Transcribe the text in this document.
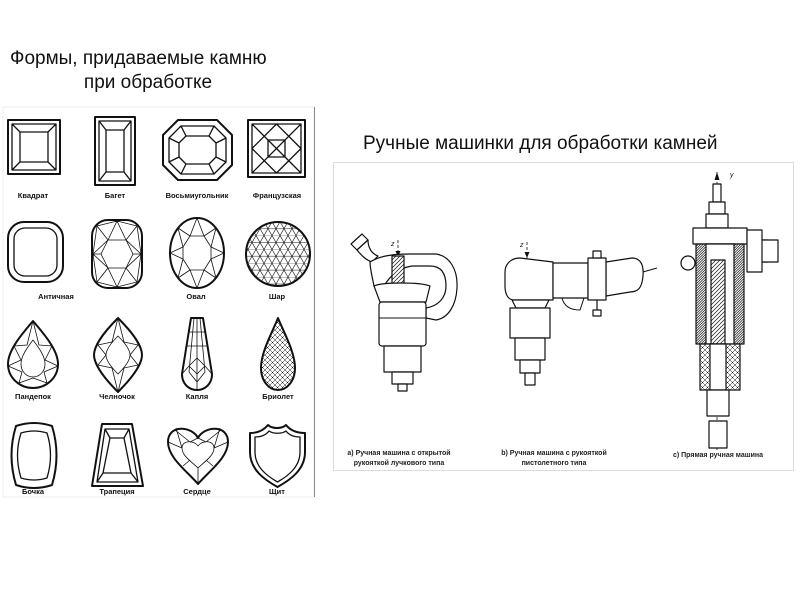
Формы, придаваемые камню
при обработке
Ручные машинки для обработки камней
Квадрат	Багет	Восьмиугольник	Французская
Античная	Овал	Шар
Пандепок	Челночок	Капля	Бриолет
Бочка	Трапеция	Сердце	Щит
z
a) Ручная машина с открытой
рукояткой лучкового типа
z
b) Ручная машина с рукояткой
пистолетного типа
y
c) Прямая ручная машина
